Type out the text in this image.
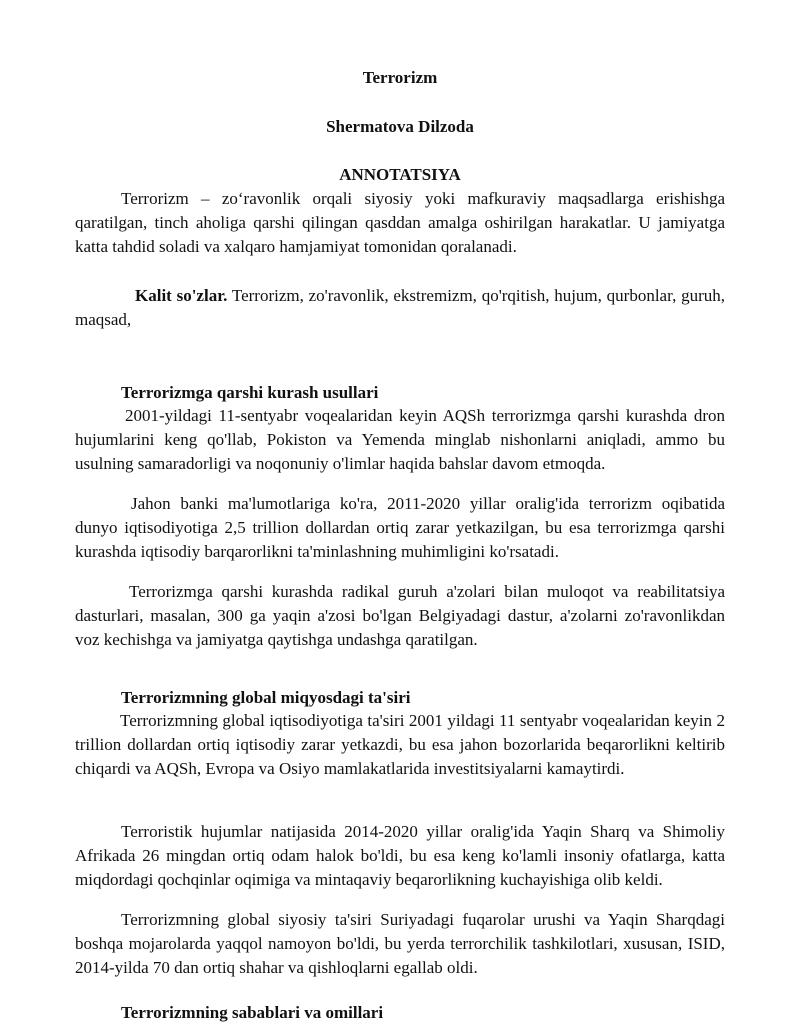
Terrorizm
Shermatova Dilzoda
ANNOTATSIYA

Terrorizm – zo‘ravonlik orqali siyosiy yoki mafkuraviy maqsadlarga erishishga qaratilgan, tinch aholiga qarshi qilingan qasddan amalga oshirilgan harakatlar. U jamiyatga katta tahdid soladi va xalqaro hamjamiyat tomonidan qoralanadi.

Kalit so'zlar. Terrorizm, zo'ravonlik, ekstremizm, qo'rqitish, hujum, qurbonlar, guruh, maqsad,

Terrorizmga qarshi kurash usullari

2001-yildagi 11-sentyabr voqealaridan keyin AQSh terrorizmga qarshi kurashda dron hujumlarini keng qo'llab, Pokiston va Yemenda minglab nishonlarni aniqladi, ammo bu usulning samaradorligi va noqonuniy o'limlar haqida bahslar davom etmoqda.

Jahon banki ma'lumotlariga ko'ra, 2011-2020 yillar oralig'ida terrorizm oqibatida dunyo iqtisodiyotiga 2,5 trillion dollardan ortiq zarar yetkazilgan, bu esa terrorizmga qarshi kurashda iqtisodiy barqarorlikni ta'minlashning muhimligini ko'rsatadi.

Terrorizmga qarshi kurashda radikal guruh a'zolari bilan muloqot va reabilitatsiya dasturlari, masalan, 300 ga yaqin a'zosi bo'lgan Belgiyadagi dastur, a'zolarni zo'ravonlikdan voz kechishga va jamiyatga qaytishga undashga qaratilgan.

Terrorizmning global miqyosdagi ta'siri

Terrorizmning global iqtisodiyotiga ta'siri 2001 yildagi 11 sentyabr voqealaridan keyin 2 trillion dollardan ortiq iqtisodiy zarar yetkazdi, bu esa jahon bozorlarida beqarorlikni keltirib chiqardi va AQSh, Evropa va Osiyo mamlakatlarida investitsiyalarni kamaytirdi.

Terroristik hujumlar natijasida 2014-2020 yillar oralig'ida Yaqin Sharq va Shimoliy Afrikada 26 mingdan ortiq odam halok bo'ldi, bu esa keng ko'lamli insoniy ofatlarga, katta miqdordagi qochqinlar oqimiga va mintaqaviy beqarorlikning kuchayishiga olib keldi.

Terrorizmning global siyosiy ta'siri Suriyadagi fuqarolar urushi va Yaqin Sharqdagi boshqa mojarolarda yaqqol namoyon bo'ldi, bu yerda terrorchilik tashkilotlari, xususan, ISID, 2014-yilda 70 dan ortiq shahar va qishloqlarni egallab oldi.

Terrorizmning sabablari va omillari
